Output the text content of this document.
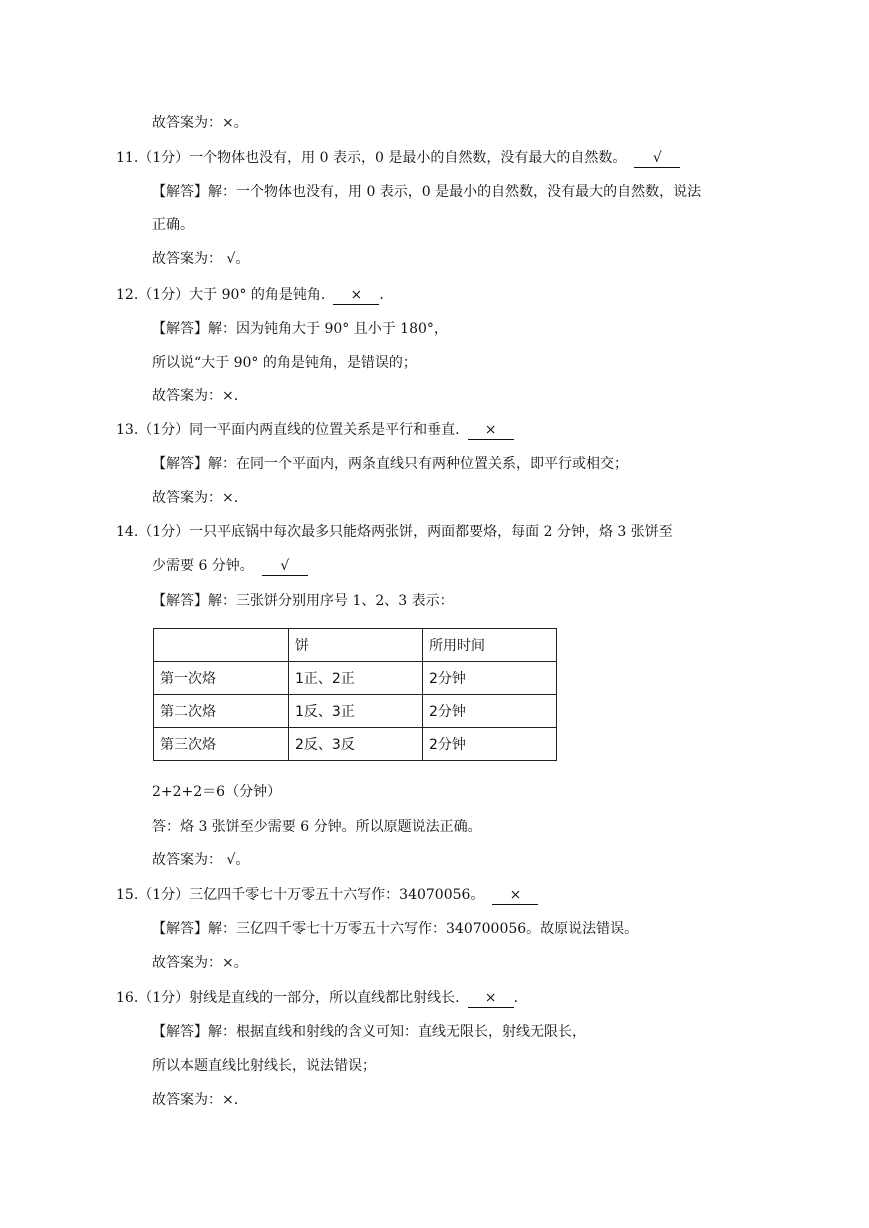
故答案为：×。
11.（1分）一个物体也没有，用 0 表示，0 是最小的自然数，没有最大的自然数。 √
【解答】解：一个物体也没有，用 0 表示，0 是最小的自然数，没有最大的自然数，说法
正确。
故答案为： √。
12.（1分）大于 90° 的角是钝角. × .
【解答】解：因为钝角大于 90° 且小于 180°，
所以说“大于 90° 的角是钝角，是错误的；
故答案为：×.
13.（1分）同一平面内两直线的位置关系是平行和垂直. ×
【解答】解：在同一个平面内，两条直线只有两种位置关系，即平行或相交；
故答案为：×.
14.（1分）一只平底锅中每次最多只能烙两张饼，两面都要烙，每面 2 分钟，烙 3 张饼至
少需要 6 分钟。 √
【解答】解：三张饼分别用序号 1、2、3 表示：
	饼	所用时间
第一次烙	1正、2正	2分钟
第二次烙	1反、3正	2分钟
第三次烙	2反、3反	2分钟
2+2+2＝6（分钟）
答：烙 3 张饼至少需要 6 分钟。所以原题说法正确。
故答案为： √。
15.（1分）三亿四千零七十万零五十六写作：34070056。 ×
【解答】解：三亿四千零七十万零五十六写作：340700056。故原说法错误。
故答案为：×。
16.（1分）射线是直线的一部分，所以直线都比射线长. × .
【解答】解：根据直线和射线的含义可知：直线无限长，射线无限长，
所以本题直线比射线长，说法错误；
故答案为：×.
